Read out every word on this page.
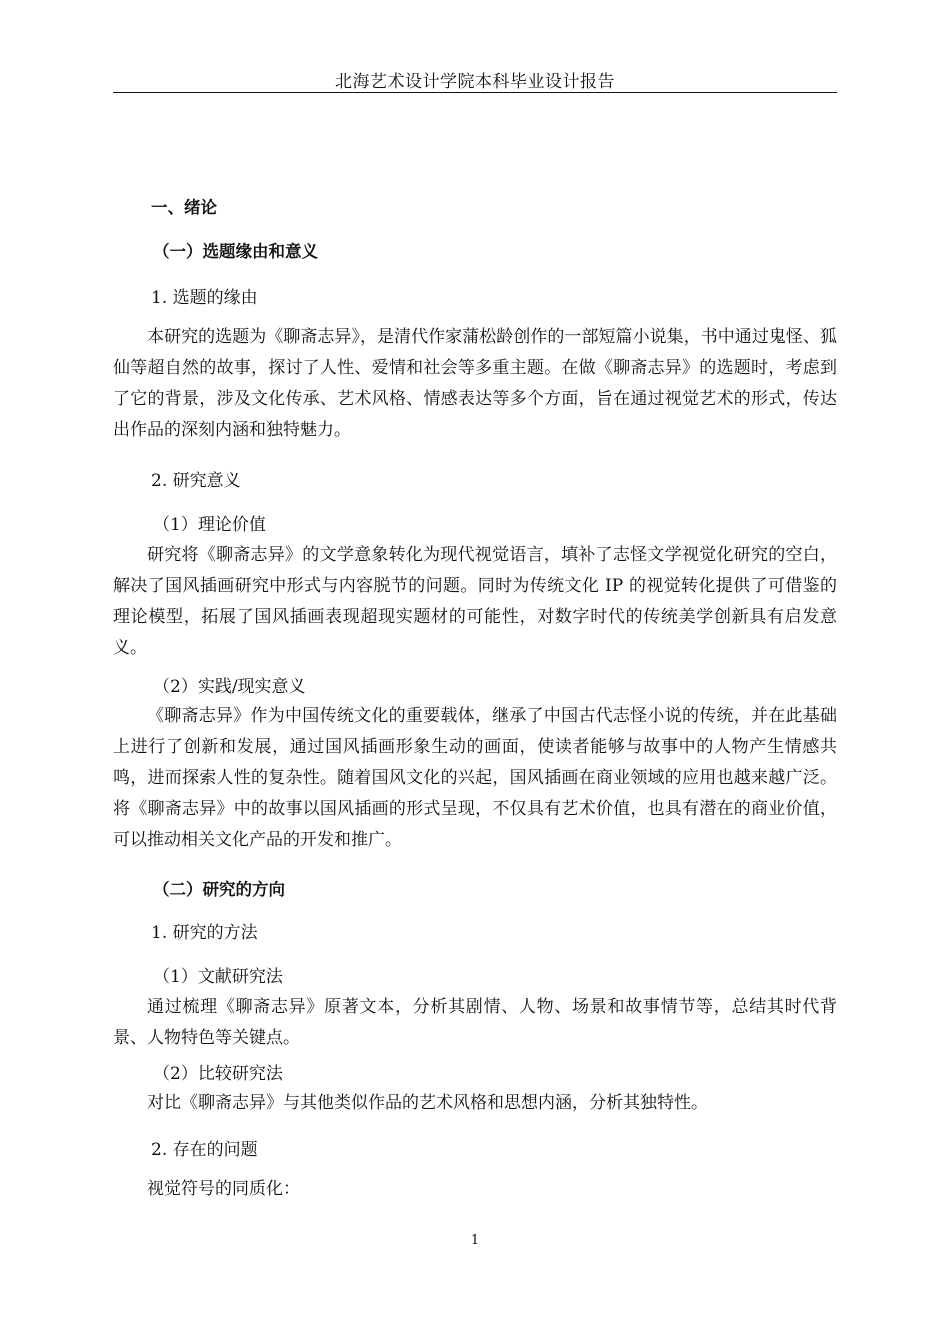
北海艺术设计学院本科毕业设计报告
一、绪论
（一）选题缘由和意义
1. 选题的缘由
本研究的选题为《聊斋志异》，是清代作家蒲松龄创作的一部短篇小说集，书中通过鬼怪、狐仙等超自然的故事，探讨了人性、爱情和社会等多重主题。在做《聊斋志异》的选题时，考虑到了它的背景，涉及文化传承、艺术风格、情感表达等多个方面，旨在通过视觉艺术的形式，传达出作品的深刻内涵和独特魅力。
2. 研究意义
（1）理论价值
研究将《聊斋志异》的文学意象转化为现代视觉语言，填补了志怪文学视觉化研究的空白，解决了国风插画研究中形式与内容脱节的问题。同时为传统文化 IP 的视觉转化提供了可借鉴的理论模型，拓展了国风插画表现超现实题材的可能性，对数字时代的传统美学创新具有启发意义。
（2）实践/现实意义
《聊斋志异》作为中国传统文化的重要载体，继承了中国古代志怪小说的传统，并在此基础上进行了创新和发展，通过国风插画形象生动的画面，使读者能够与故事中的人物产生情感共鸣，进而探索人性的复杂性。随着国风文化的兴起，国风插画在商业领域的应用也越来越广泛。将《聊斋志异》中的故事以国风插画的形式呈现，不仅具有艺术价值，也具有潜在的商业价值，可以推动相关文化产品的开发和推广。
（二）研究的方向
1. 研究的方法
（1）文献研究法
通过梳理《聊斋志异》原著文本，分析其剧情、人物、场景和故事情节等，总结其时代背景、人物特色等关键点。
（2）比较研究法
对比《聊斋志异》与其他类似作品的艺术风格和思想内涵，分析其独特性。
2. 存在的问题
视觉符号的同质化：
1
